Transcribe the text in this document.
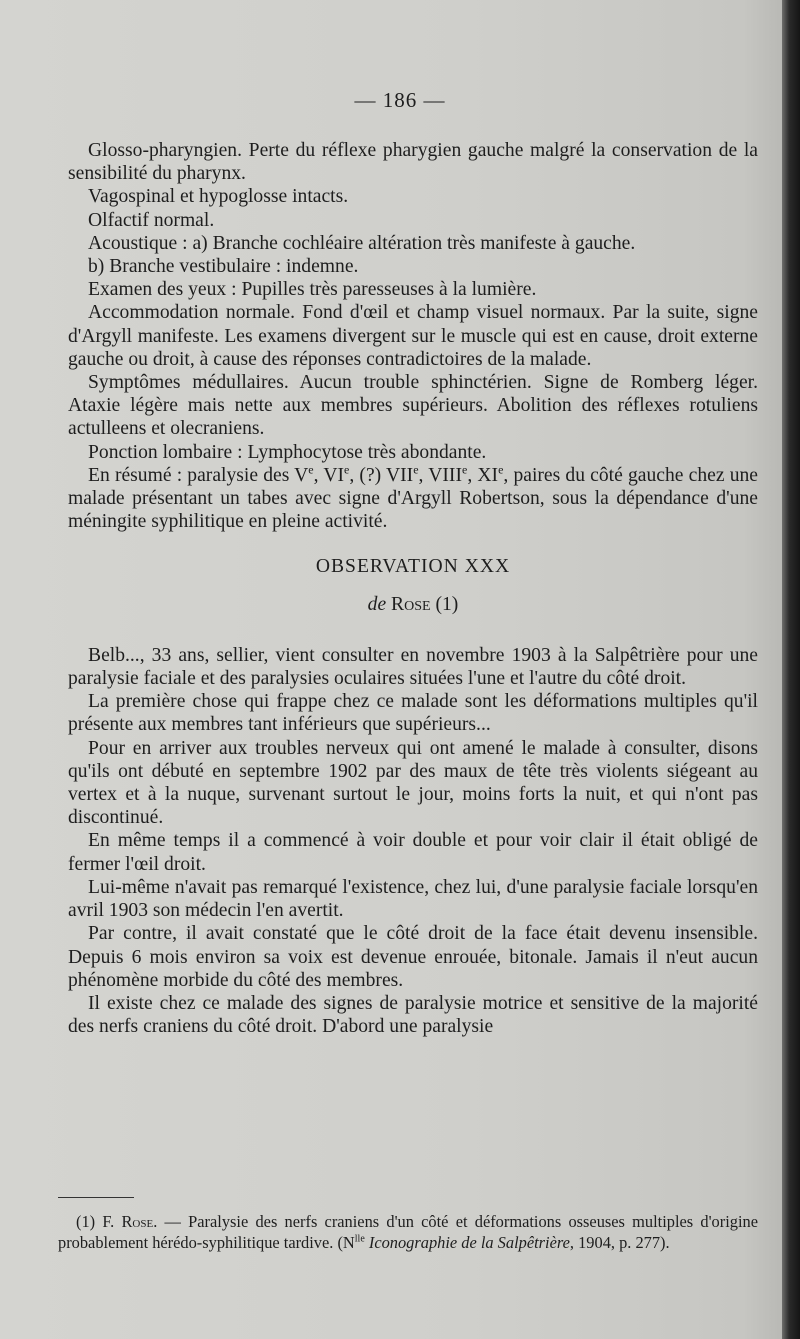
— 186 —

Glosso-pharyngien. Perte du réflexe pharygien gauche malgré la conservation de la sensibilité du pharynx.

Vagospinal et hypoglosse intacts.

Olfactif normal.

Acoustique : a) Branche cochléaire altération très manifeste à gauche.

b) Branche vestibulaire : indemne.

Examen des yeux : Pupilles très paresseuses à la lumière.

Accommodation normale. Fond d'œil et champ visuel normaux. Par la suite, signe d'Argyll manifeste. Les examens divergent sur le muscle qui est en cause, droit externe gauche ou droit, à cause des réponses contradictoires de la malade.

Symptômes médullaires. Aucun trouble sphinctérien. Signe de Romberg léger. Ataxie légère mais nette aux membres supérieurs. Abolition des réflexes rotuliens actulleens et olecraniens.

Ponction lombaire : Lymphocytose très abondante.

En résumé : paralysie des Ve, VIe, (?) VIIe, VIIIe, XIe, paires du côté gauche chez une malade présentant un tabes avec signe d'Argyll Robertson, sous la dépendance d'une méningite syphilitique en pleine activité.

OBSERVATION XXX
de Rose (1)

Belb..., 33 ans, sellier, vient consulter en novembre 1903 à la Salpêtrière pour une paralysie faciale et des paralysies oculaires situées l'une et l'autre du côté droit.

La première chose qui frappe chez ce malade sont les déformations multiples qu'il présente aux membres tant inférieurs que supérieurs...

Pour en arriver aux troubles nerveux qui ont amené le malade à consulter, disons qu'ils ont débuté en septembre 1902 par des maux de tête très violents siégeant au vertex et à la nuque, survenant surtout le jour, moins forts la nuit, et qui n'ont pas discontinué.

En même temps il a commencé à voir double et pour voir clair il était obligé de fermer l'œil droit.

Lui-même n'avait pas remarqué l'existence, chez lui, d'une paralysie faciale lorsqu'en avril 1903 son médecin l'en avertit.

Par contre, il avait constaté que le côté droit de la face était devenu insensible. Depuis 6 mois environ sa voix est devenue enrouée, bitonale. Jamais il n'eut aucun phénomène morbide du côté des membres.

Il existe chez ce malade des signes de paralysie motrice et sensitive de la majorité des nerfs craniens du côté droit. D'abord une paralysie

(1) F. Rose. — Paralysie des nerfs craniens d'un côté et déformations osseuses multiples d'origine probablement hérédo-syphilitique tardive. ($N^{lle}$ Iconographie de la Salpêtrière, 1904, p. 277).
